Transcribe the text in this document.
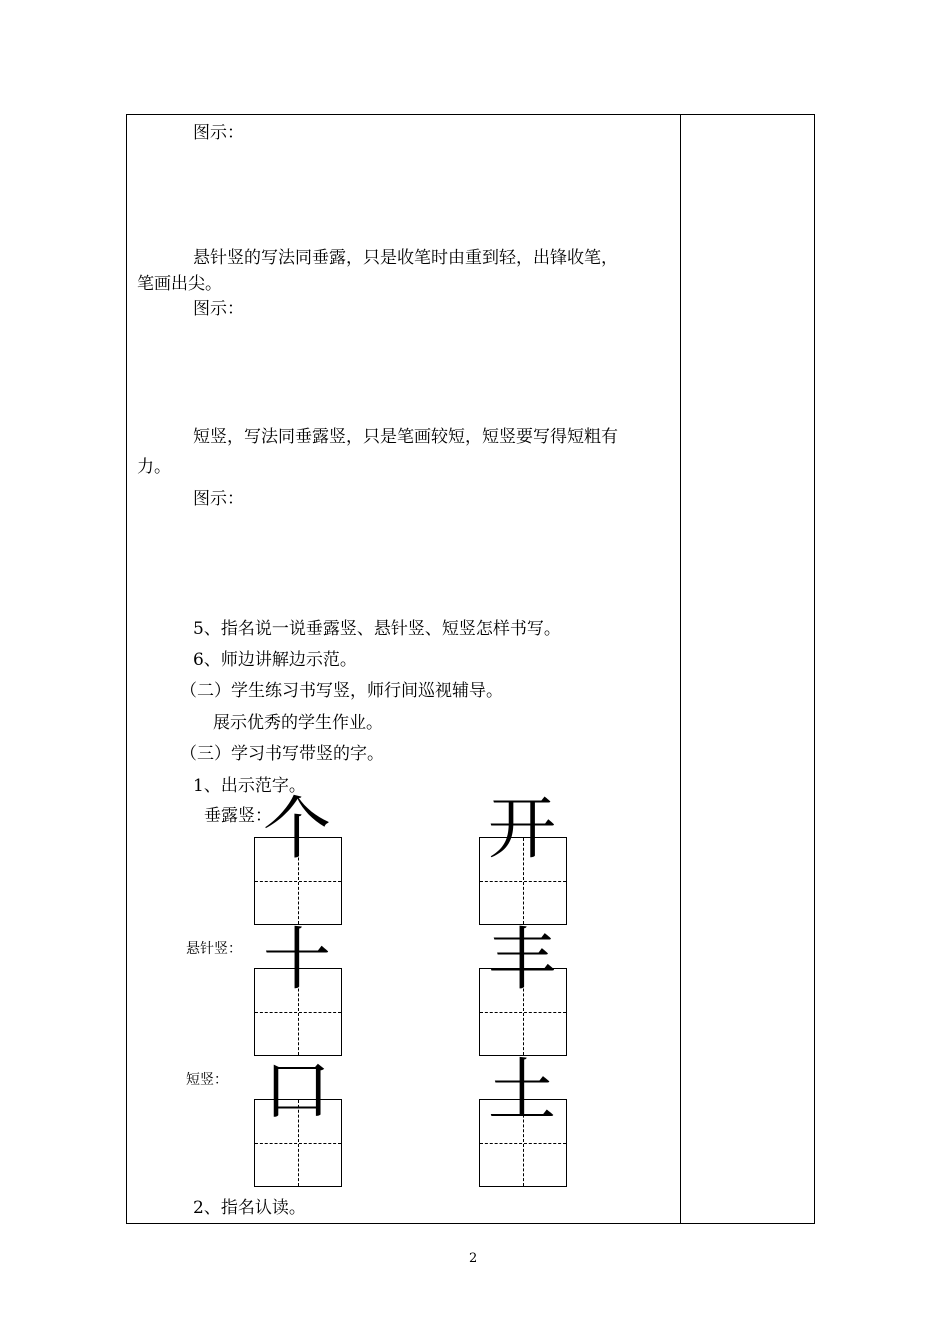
图示：
悬针竖的写法同垂露，只是收笔时由重到轻，出锋收笔，
笔画出尖。
图示：
短竖，写法同垂露竖，只是笔画较短，短竖要写得短粗有
力。
图示：
5、指名说一说垂露竖、悬针竖、短竖怎样书写。
6、师边讲解边示范。
（二）学生练习书写竖，师行间巡视辅导。
展示优秀的学生作业。
（三）学习书写带竖的字。
1、出示范字。
垂露竖：
个 开
悬针竖： 十 丰
短竖： 口 土
2、指名认读。
2
